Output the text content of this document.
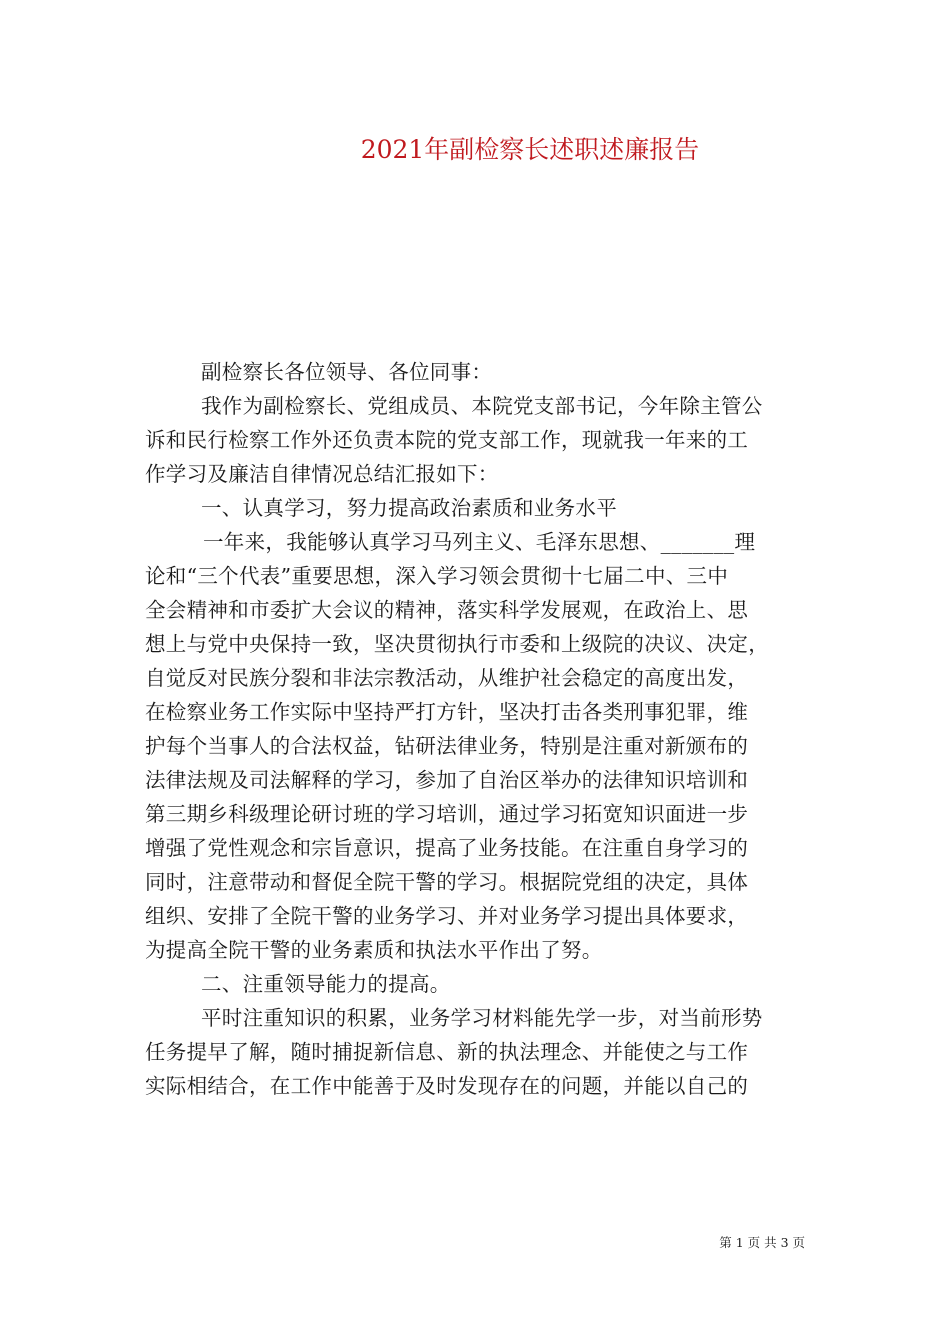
2021年副检察长述职述廉报告
副检察长各位领导、各位同事：
我作为副检察长、党组成员、本院党支部书记，今年除主管公
诉和民行检察工作外还负责本院的党支部工作，现就我一年来的工
作学习及廉洁自律情况总结汇报如下：
一、认真学习，努力提高政治素质和业务水平
一年来，我能够认真学习马列主义、毛泽东思想、_______理
论和“三个代表”重要思想，深入学习领会贯彻十七届二中、三中
全会精神和市委扩大会议的精神，落实科学发展观，在政治上、思
想上与党中央保持一致，坚决贯彻执行市委和上级院的决议、决定，
自觉反对民族分裂和非法宗教活动，从维护社会稳定的高度出发，
在检察业务工作实际中坚持严打方针，坚决打击各类刑事犯罪，维
护每个当事人的合法权益，钻研法律业务，特别是注重对新颁布的
法律法规及司法解释的学习，参加了自治区举办的法律知识培训和
第三期乡科级理论研讨班的学习培训，通过学习拓宽知识面进一步
增强了党性观念和宗旨意识，提高了业务技能。在注重自身学习的
同时，注意带动和督促全院干警的学习。根据院党组的决定，具体
组织、安排了全院干警的业务学习、并对业务学习提出具体要求，
为提高全院干警的业务素质和执法水平作出了努。
二、注重领导能力的提高。
平时注重知识的积累，业务学习材料能先学一步，对当前形势
任务提早了解，随时捕捉新信息、新的执法理念、并能使之与工作
实际相结合，在工作中能善于及时发现存在的问题，并能以自己的
第 1 页 共 3 页
